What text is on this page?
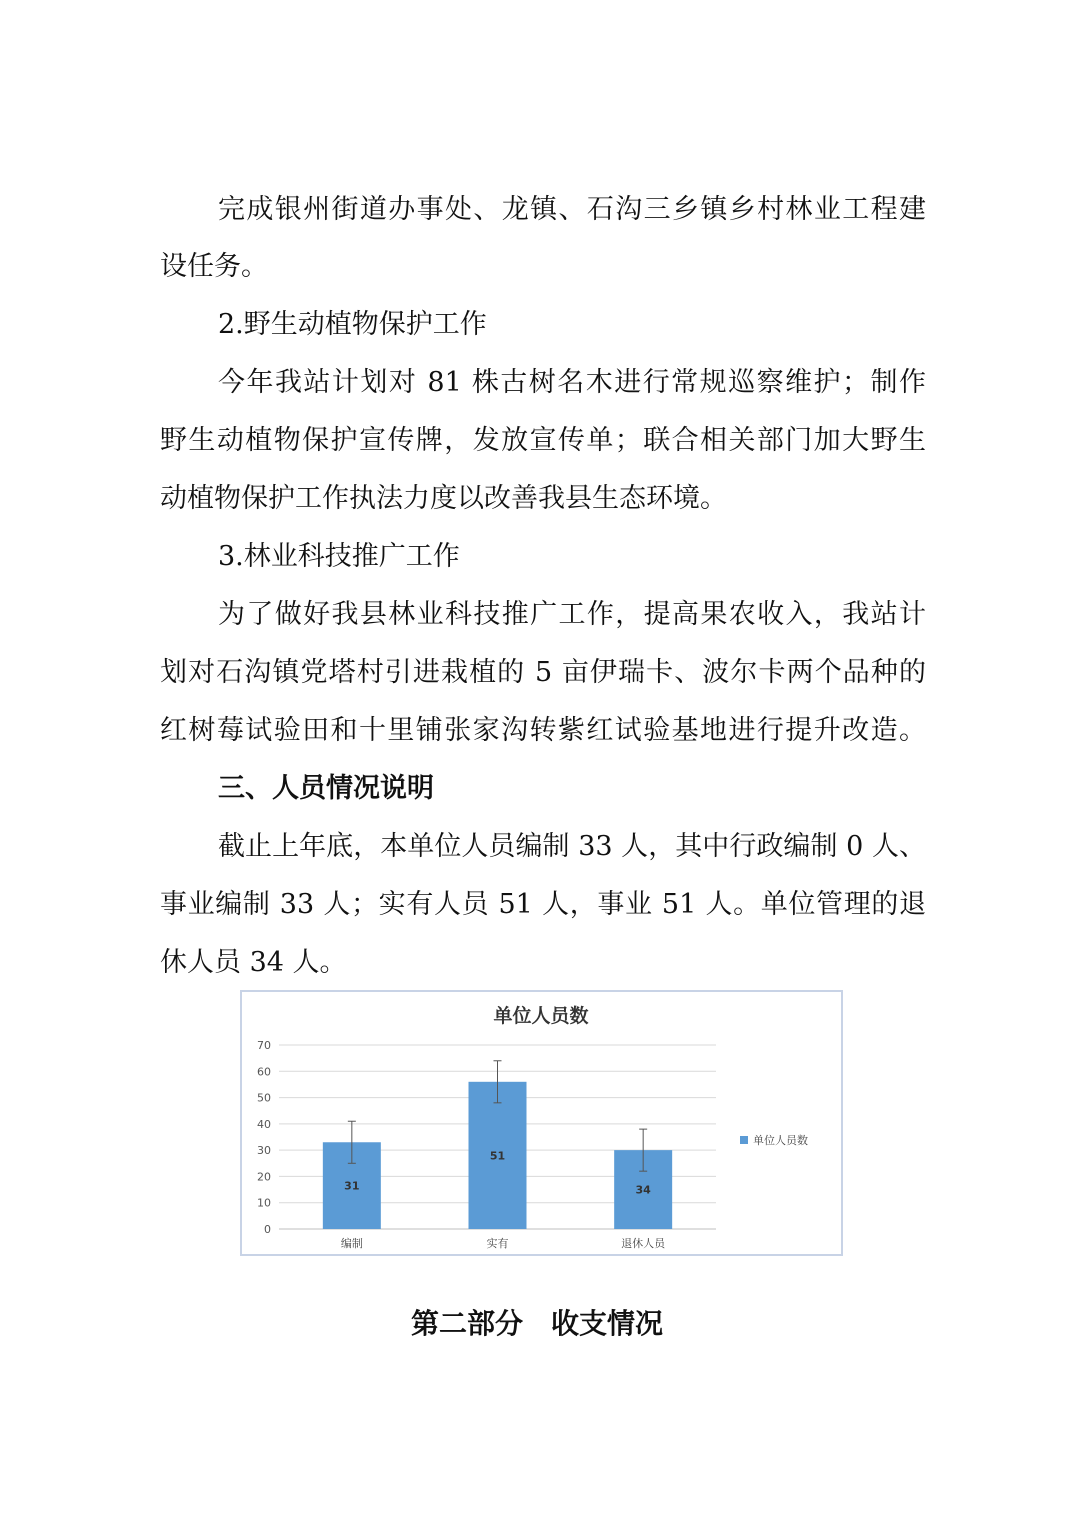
完成银州街道办事处、龙镇、石沟三乡镇乡村林业工程建
设任务。
2.野生动植物保护工作
今年我站计划对 81 株古树名木进行常规巡察维护；制作
野生动植物保护宣传牌，发放宣传单；联合相关部门加大野生
动植物保护工作执法力度以改善我县生态环境。
3.林业科技推广工作
为了做好我县林业科技推广工作，提高果农收入，我站计
划对石沟镇党塔村引进栽植的 5 亩伊瑞卡、波尔卡两个品种的
红树莓试验田和十里铺张家沟转紫红试验基地进行提升改造。
三、人员情况说明
截止上年底，本单位人员编制 33 人，其中行政编制 0 人、
事业编制 33 人；实有人员 51 人，事业 51 人。单位管理的退
休人员 34 人。
单位人员数
0
10
20
30
40
50
60
70
31
编制
51
实有
34
退休人员
单位人员数
第二部分　收支情况
